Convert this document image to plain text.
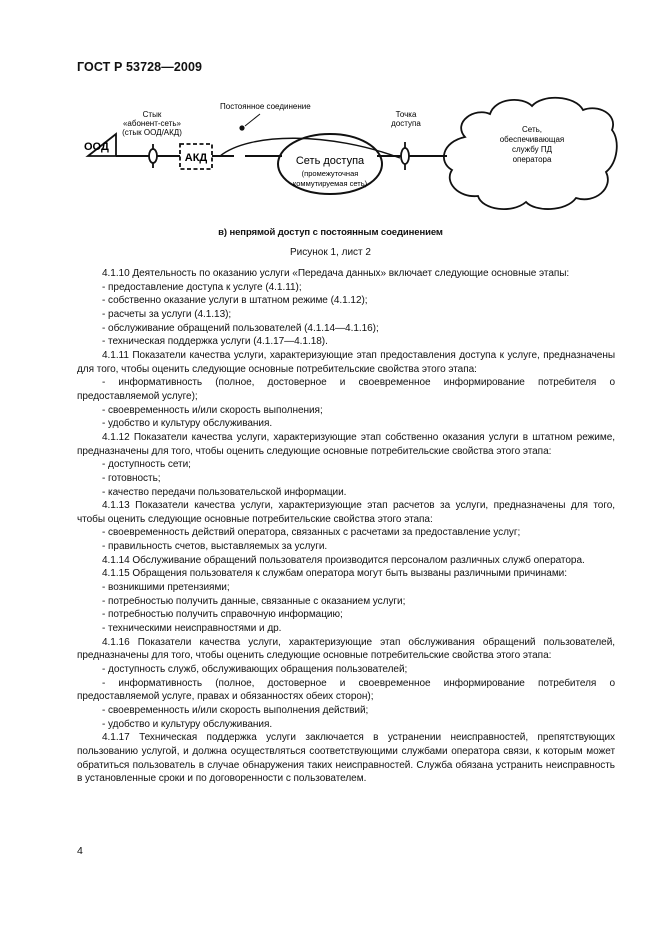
ГОСТ Р 53728—2009
ООД
АКД
Стык
«абонент-сеть»
(стык ООД/АКД)
Постоянное соединение
Сеть доступа
(промежуточная
коммутируемая сеть)
Точка
доступа
Сеть,
обеспечивающая
службу ПД
оператора
в) непрямой доступ с постоянным соединением
Рисунок 1, лист 2

4.1.10 Деятельность по оказанию услуги «Передача данных» включает следующие основные этапы:

- предоставление доступа к услуге (4.1.11);

- собственно оказание услуги в штатном режиме (4.1.12);

- расчеты за услуги (4.1.13);

- обслуживание обращений пользователей (4.1.14—4.1.16);

- техническая поддержка услуги (4.1.17—4.1.18).

4.1.11 Показатели качества услуги, характеризующие этап предоставления доступа к услуге, предназначены для того, чтобы оценить следующие основные потребительские свойства этого этапа:

- информативность (полное, достоверное и своевременное информирование потребителя о предоставляемой услуге);

- своевременность и/или скорость выполнения;

- удобство и культуру обслуживания.

4.1.12 Показатели качества услуги, характеризующие этап собственно оказания услуги в штатном режиме, предназначены для того, чтобы оценить следующие основные потребительские свойства этого этапа:

- доступность сети;

- готовность;

- качество передачи пользовательской информации.

4.1.13 Показатели качества услуги, характеризующие этап расчетов за услуги, предназначены для того, чтобы оценить следующие основные потребительские свойства этого этапа:

- своевременность действий оператора, связанных с расчетами за предоставление услуг;

- правильность счетов, выставляемых за услуги.

4.1.14 Обслуживание обращений пользователя производится персоналом различных служб оператора.

4.1.15 Обращения пользователя к службам оператора могут быть вызваны различными причинами:

- возникшими претензиями;

- потребностью получить данные, связанные с оказанием услуги;

- потребностью получить справочную информацию;

- техническими неисправностями и др.

4.1.16 Показатели качества услуги, характеризующие этап обслуживания обращений пользователей, предназначены для того, чтобы оценить следующие основные потребительские свойства этого этапа:

- доступность служб, обслуживающих обращения пользователей;

- информативность (полное, достоверное и своевременное информирование потребителя о предоставляемой услуге, правах и обязанностях обеих сторон);

- своевременность и/или скорость выполнения действий;

- удобство и культуру обслуживания.

4.1.17 Техническая поддержка услуги заключается в устранении неисправностей, препятствующих пользованию услугой, и должна осуществляться соответствующими службами оператора связи, к которым может обратиться пользователь в случае обнаружения таких неисправностей. Служба обязана устранить неисправность в установленные сроки и по договоренности с пользователем.

4
